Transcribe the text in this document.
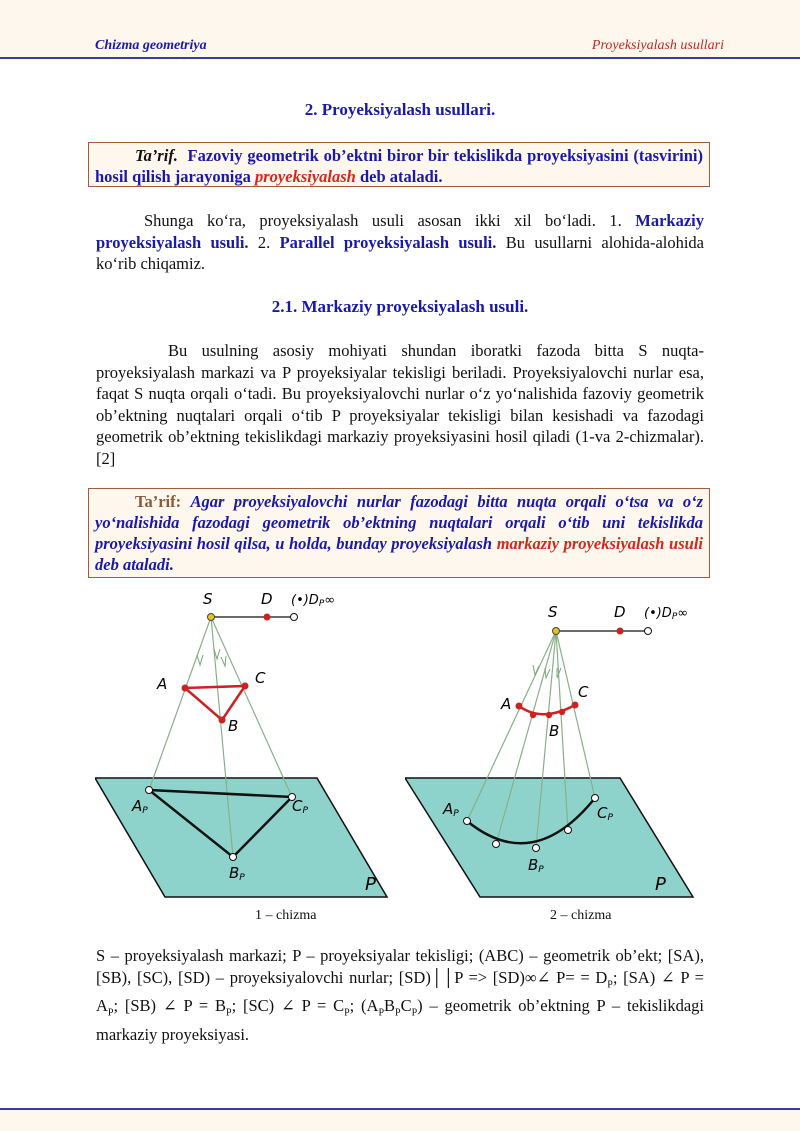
Chizma geometriya	Proyeksiyalash usullari
2. Proyeksiyalash usullari.
Ta’rif. Fazoviy geometrik ob’ektni biror bir tekislikda proyeksiyasini (tasvirini) hosil qilish jarayoniga proyeksiyalash deb ataladi.
Shunga ko‘ra, proyeksiyalash usuli asosan ikki xil bo‘ladi. 1. Markaziy proyeksiyalash usuli. 2. Parallel proyeksiyalash usuli. Bu usullarni alohida-alohida ko‘rib chiqamiz.
2.1. Markaziy proyeksiyalash usuli.
Bu usulning asosiy mohiyati shundan iboratki fazoda bitta S nuqta-proyeksiyalash markazi va P proyeksiyalar tekisligi beriladi. Proyeksiyalovchi nurlar esa, faqat S nuqta orqali o‘tadi. Bu proyeksiyalovchi nurlar o‘z yo‘nalishida fazoviy geometrik ob’ektning nuqtalari orqali o‘tib P proyeksiyalar tekisligi bilan kesishadi va fazodagi geometrik ob’ektning tekislikdagi markaziy proyeksiyasini hosil qiladi (1-va 2-chizmalar).[2]
Ta’rif: Agar proyeksiyalovchi nurlar fazodagi bitta nuqta orqali o‘tsa va o‘z yo‘nalishida fazodagi geometrik ob’ektning nuqtalari orqali o‘tib uni tekislikda proyeksiyasini hosil qilsa, u holda, bunday proyeksiyalash markaziy proyeksiyalash usuli deb ataladi.
S	D (•)DP∞
A	C
B
AP	CP
BP	P
1 – chizma
S	D (•)DP∞
A
C
B
AP	CP
BP
P
2 – chizma
S – proyeksiyalash markazi; P – proyeksiyalar tekisligi; (ABC) – geometrik ob’ekt; [SA), [SB), [SC), [SD) – proyeksiyalovchi nurlar; [SD)││P => [SD)∞∠ $P= = D_P$; [SA) ∠ $P = A_P$; [SB) ∠ $P = B_P$; [SC) ∠ $P = C_P$; $(A_PB_PC_P)$ – geometrik ob’ektning P – tekislikdagi markaziy proyeksiyasi.
